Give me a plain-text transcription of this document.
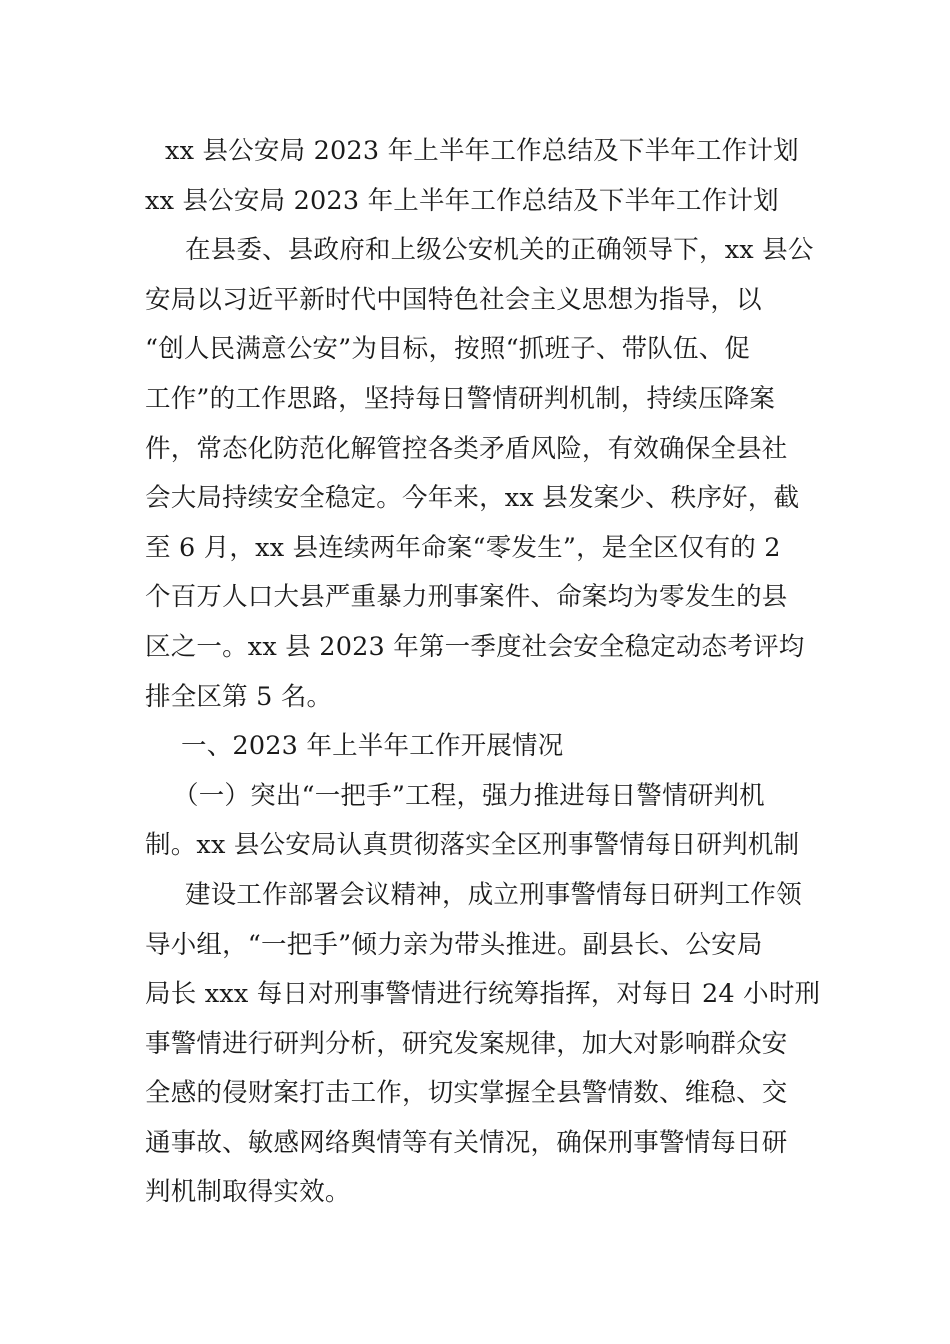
xx 县公安局 2023 年上半年工作总结及下半年工作计划
xx 县公安局 2023 年上半年工作总结及下半年工作计划
在县委、县政府和上级公安机关的正确领导下，xx 县公
安局以习近平新时代中国特色社会主义思想为指导，以
“创人民满意公安”为目标，按照“抓班子、带队伍、促
工作”的工作思路，坚持每日警情研判机制，持续压降案
件，常态化防范化解管控各类矛盾风险，有效确保全县社
会大局持续安全稳定。今年来，xx 县发案少、秩序好，截
至 6 月，xx 县连续两年命案“零发生”，是全区仅有的 2
个百万人口大县严重暴力刑事案件、命案均为零发生的县
区之一。xx 县 2023 年第一季度社会安全稳定动态考评均
排全区第 5 名。
一、2023 年上半年工作开展情况
（一）突出“一把手”工程，强力推进每日警情研判机
制。xx 县公安局认真贯彻落实全区刑事警情每日研判机制
建设工作部署会议精神，成立刑事警情每日研判工作领
导小组，“一把手”倾力亲为带头推进。副县长、公安局
局长 xxx 每日对刑事警情进行统筹指挥，对每日 24 小时刑
事警情进行研判分析，研究发案规律，加大对影响群众安
全感的侵财案打击工作，切实掌握全县警情数、维稳、交
通事故、敏感网络舆情等有关情况，确保刑事警情每日研
判机制取得实效。
